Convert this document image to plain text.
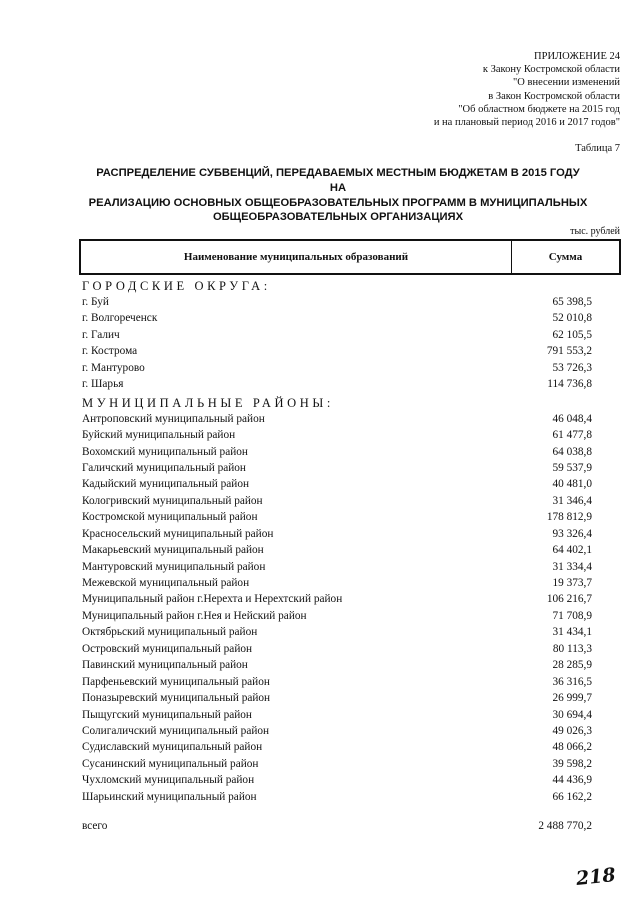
ПРИЛОЖЕНИЕ 24
к Закону Костромской области
"О внесении изменений
в Закон Костромской области
"Об областном бюджете на 2015 год
и на плановый период 2016 и 2017 годов"
Таблица 7
РАСПРЕДЕЛЕНИЕ СУБВЕНЦИЙ, ПЕРЕДАВАЕМЫХ МЕСТНЫМ БЮДЖЕТАМ В 2015 ГОДУ НА
РЕАЛИЗАЦИЮ ОСНОВНЫХ ОБЩЕОБРАЗОВАТЕЛЬНЫХ ПРОГРАММ В МУНИЦИПАЛЬНЫХ
ОБЩЕОБРАЗОВАТЕЛЬНЫХ ОРГАНИЗАЦИЯХ
тыс. рублей
Наименование муниципальных образований	Сумма
ГОРОДСКИЕ ОКРУГА:
г. Буй	65 398,5
г. Волгореченск	52 010,8
г. Галич	62 105,5
г. Кострома	791 553,2
г. Мантурово	53 726,3
г. Шарья	114 736,8
МУНИЦИПАЛЬНЫЕ РАЙОНЫ:
Антроповский муниципальный район	46 048,4
Буйский муниципальный район	61 477,8
Вохомский муниципальный район	64 038,8
Галичский муниципальный район	59 537,9
Кадыйский муниципальный район	40 481,0
Кологривский муниципальный район	31 346,4
Костромской муниципальный район	178 812,9
Красносельский муниципальный район	93 326,4
Макарьевский муниципальный район	64 402,1
Мантуровский муниципальный район	31 334,4
Межевской муниципальный район	19 373,7
Муниципальный район г.Нерехта и Нерехтский район	106 216,7
Муниципальный район г.Нея и Нейский район	71 708,9
Октябрьский муниципальный район	31 434,1
Островский муниципальный район	80 113,3
Павинский муниципальный район	28 285,9
Парфеньевский муниципальный район	36 316,5
Поназыревский муниципальный район	26 999,7
Пыщугский муниципальный район	30 694,4
Солигаличский муниципальный район	49 026,3
Судиславский муниципальный район	48 066,2
Сусанинский муниципальный район	39 598,2
Чухломский муниципальный район	44 436,9
Шарьинский муниципальный район	66 162,2
всего	2 488 770,2
218
